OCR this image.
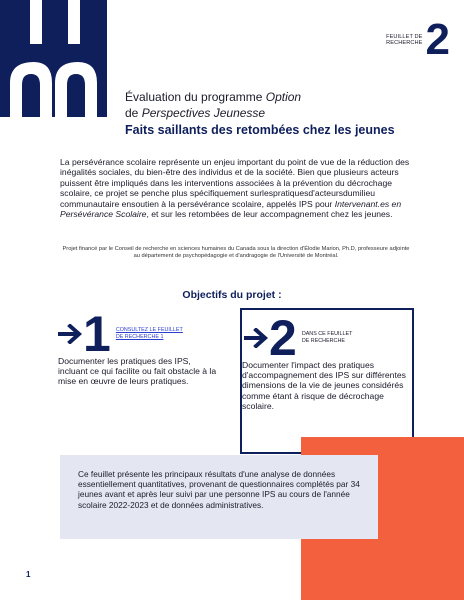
FEUILLET DE
RECHERCHE 2
Évaluation du programme Option
de Perspectives Jeunesse
Faits saillants des retombées chez les jeunes

La persévérance scolaire représente un enjeu important du point de vue de la réduction des inégalités sociales, du bien-être des individus et de la société. Bien que plusieurs acteurs puissent être impliqués dans les interventions associées à la prévention du décrochage scolaire, ce projet se penche plus spécifiquement surlespratiquesd'acteursdumilieu communautaire ensoutien à la persévérance scolaire, appelés IPS pour Intervenant.es en Persévérance Scolaire, et sur les retombées de leur accompagnement chez les jeunes.

Projet financé par le Conseil de recherche en sciences humaines du Canada sous la direction d'Élodie Marion, Ph.D, professeure adjointe au département de psychopédagogie et d'andragogie de l'Université de Montréal.

Objectifs du projet :
1 CONSULTEZ LE FEUILLET
DE RECHERCHE 1

Documenter les pratiques des IPS, incluant ce qui facilite ou fait obstacle à la mise en œuvre de leurs pratiques.

2 DANS CE FEUILLET
DE RECHERCHE

Documenter l'impact des pratiques d'accompagnement des IPS sur différentes dimensions de la vie de jeunes considérés comme étant à risque de décrochage scolaire.

Ce feuillet présente les principaux résultats d'une analyse de données essentiellement quantitatives, provenant de questionnaires complétés par 34 jeunes avant et après leur suivi par une personne IPS au cours de l'année scolaire 2022-2023 et de données administratives.
1
